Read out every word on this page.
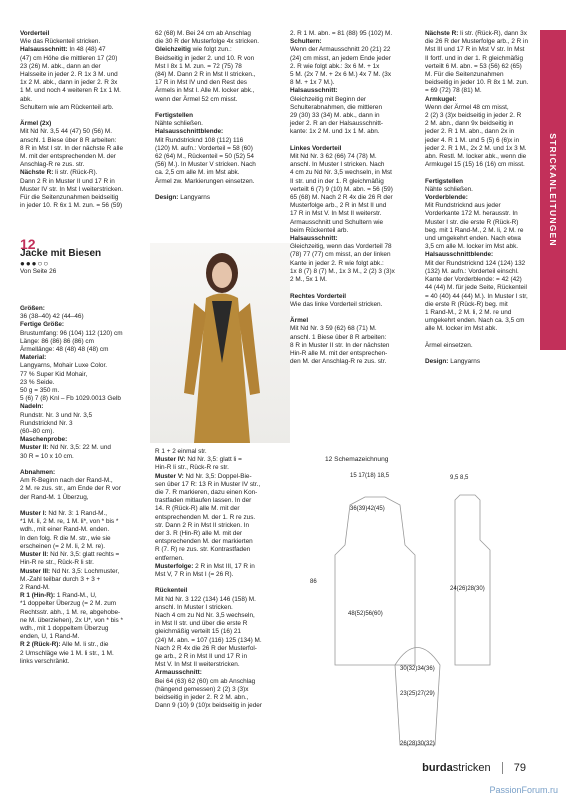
STRICKANLEITUNGEN
Vorderteil
Wie das Rückenteil stricken.
Halsausschnitt: In 48 (48) 47
(47) cm Höhe die mittleren 17 (20)
23 (26) M. abk., dann an der
Halsseite in jeder 2. R 1x 3 M. und
1x 2 M. abk., dann in jeder 2. R 3x
1 M. und noch 4 weiteren R 1x 1 M.
abk.
Schultern wie am Rückenteil arb.

Ärmel (2x)
Mit Nd Nr. 3,5 44 (47) 50 (56) M.
anschl. 1 Biese über 8 R arbeiten:
8 R in Mst I str. In der nächste R alle
M. mit der entsprechenden M. der
Anschlag-R re zus. str.
Nächste R: li str. (Rück-R).
Dann 2 R in Muster II und 17 R in
Muster IV str. In Mst I weiterstricken.
Für die Seitenzunahmen beidseitig
in jeder 10. R 6x 1 M. zun. = 56 (59)
12
Jacke mit Biesen
●●●○○
Von Seite 26
Größen:
36 (38–40) 42 (44–46)
Fertige Größe:
Brustumfang: 96 (104) 112 (120) cm
Länge: 86 (86) 86 (86) cm
Ärmellänge: 48 (48) 48 (48) cm
Material:
Langyarns, Mohair Luxe Color.
77 % Super Kid Mohair,
23 % Seide.
50 g = 350 m.
5 (6) 7 (8) Knl – Fb 1029.0013 Gelb
Nadeln:
Rundstr. Nr. 3 und Nr. 3,5
Rundstricknd Nr. 3
(60–80 cm).
Maschenprobe:
Muster II: Nd Nr. 3,5: 22 M. und
30 R = 10 x 10 cm.

Abnahmen:
Am R-Beginn nach der Rand-M.,
2 M. re zus. str., am Ende der R vor
der Rand-M. 1 Überzug,

Muster I: Nd Nr. 3: 1 Rand-M.,
*1 M. li, 2 M. re, 1 M. li*, von * bis *
wdh., mit einer Rand-M. enden.
In den folg. R die M. str., wie sie
erscheinen (= 2 M. li, 2 M. re).
Muster II: Nd Nr. 3,5: glatt rechts =
Hin-R re str., Rück-R li str.
Muster III: Nd Nr. 3,5: Lochmuster,
M.-Zahl teilbar durch 3 + 3 +
2 Rand-M.
R 1 (Hin-R): 1 Rand-M., U,
*1 doppelter Überzug (= 2 M. zum
Rechtsstr. abh., 1 M. re, abgehobe-
ne M. überziehen), 2x U*, von * bis *
wdh., mit 1 doppeltem Überzug
enden, U, 1 Rand-M.
R 2 (Rück-R): Alle M. li str., die
2 Umschläge wie 1 M. li str., 1 M.
links verschränkt.
62 (68) M. Bei 24 cm ab Anschlag
die 30 R der Musterfolge 4x stricken.
Gleichzeitig wie folgt zun.:
Beidseitig in jeder 2. und 10. R von
Mst I 8x 1 M. zun. = 72 (75) 78
(84) M. Dann 2 R in Mst II stricken.,
17 R in Mst IV und den Rest des
Ärmels in Mst I. Alle M. locker abk.,
wenn der Ärmel 52 cm misst.

Fertigstellen
Nähte schließen.
Halsausschnittblende:
Mit Rundstricknd 108 (112) 116
(120) M. aufn.: Vorderteil = 58 (60)
62 (64) M., Rückenteil = 50 (52) 54
(56) M.). In Muster V stricken. Nach
ca. 2,5 cm alle M. im Mst abk.
Ärmel zw. Markierungen einsetzen.

Design: Langyarns
R 1 + 2 einmal str.
Muster IV: Nd Nr. 3,5: glatt li =
Hin-R li str., Rück-R re str.
Muster V: Nd Nr. 3,5: Doppel-Bie-
sen über 17 R: 13 R in Muster IV str.,
die 7. R markieren, dazu einen Kon-
trastfaden mitlaufen lassen. In der
14. R (Rück-R) alle M. mit der
entsprechenden M. der 1. R re zus.
str. Dann 2 R in Mst II stricken. In
der 3. R (Hin-R) alle M. mit der
entsprechenden M. der markierten
R (7. R) re zus. str. Kontrastfaden
entfernen.
Musterfolge: 2 R in Mst III, 17 R in
Mst V, 7 R in Mst I (= 26 R).

Rückenteil
Mit Nd Nr. 3 122 (134) 146 (158) M.
anschl. In Muster I stricken.
Nach 4 cm zu Nd Nr. 3,5 wechseln,
in Mst II str. und über die erste R
gleichmäßig verteilt 15 (16) 21
(24) M. abn. = 107 (116) 125 (134) M.
Nach 2 R 4x die 26 R der Musterfol-
ge arb., 2 R in Mst II und 17 R in
Mst V. In Mst II weiterstricken.
Armausschnitt:
Bei 64 (63) 62 (60) cm ab Anschlag
(hängend gemessen) 2 (2) 3 (3)x
beidseitig in jeder 2. R 2 M. abn.,
Dann 9 (10) 9 (10)x beidseitig in jeder
2. R 1 M. abn. = 81 (88) 95 (102) M.
Schultern:
Wenn der Armausschnitt 20 (21) 22
(24) cm misst, an jedem Ende jeder
2. R wie folgt abk.: 3x 6 M. + 1x
5 M. (2x 7 M. + 2x 6 M.) 4x 7 M. (3x
8 M. + 1x 7 M.).
Halsausschnitt:
Gleichzeitig mit Beginn der
Schulterabnahmen, die mittleren
29 (30) 33 (34) M. abk., dann in
jeder 2. R an der Halsausschnitt-
kante: 1x 2 M. und 1x 1 M. abn.

Linkes Vorderteil
Mit Nd Nr. 3 62 (66) 74 (78) M.
anschl. In Muster I stricken. Nach
4 cm zu Nd Nr. 3,5 wechseln, in Mst
II str. und in der 1. R gleichmäßig
verteilt 6 (7) 9 (10) M. abn. = 56 (59)
65 (68) M. Nach 2 R 4x die 26 R der
Musterfolge arb., 2 R in Mst II und
17 R in Mst V. In Mst II weiterstr.
Armausschnitt und Schultern wie
beim Rückenteil arb.
Halsausschnitt:
Gleichzeitig, wenn das Vorderteil 78
(78) 77 (77) cm misst, an der linken
Kante in jeder 2. R wie folgt abk.:
1x 8 (7) 8 (7) M., 1x 3 M., 2 (2) 3 (3)x
2 M., 5x 1 M.

Rechtes Vorderteil
Wie das linke Vorderteil stricken.

Ärmel
Mit Nd Nr. 3 59 (62) 68 (71) M.
anschl. 1 Biese über 8 R arbeiten:
8 R in Muster II str. In der nächsten
Hin-R alle M. mit der entsprechen-
den M. der Anschlag-R re zus. str.
Nächste R: li str. (Rück-R), dann 3x
die 26 R der Musterfolge arb., 2 R in
Mst III und 17 R in Mst V str. In Mst
II fortf. und in der 1. R gleichmäßig
verteilt 6 M. abn. = 53 (56) 62 (65)
M. Für die Seitenzunahmen
beidseitig in jeder 10. R 8x 1 M. zun.
= 69 (72) 78 (81) M.
Armkugel:
Wenn der Ärmel 48 cm misst,
2 (2) 3 (3)x beidseitig in jeder 2. R
2 M. abn., dann 9x beidseitig in
jeder 2. R 1 M. abn., dann 2x in
jeder 4. R 1 M. und 5 (5) 6 (6)x in
jeder 2. R 1 M., 2x 2 M. und 1x 3 M.
abn. Restl. M. locker abk., wenn die
Armkugel 15 (15) 16 (16) cm misst.

Fertigstellen
Nähte schließen.
Vorderblende:
Mit Rundstricknd aus jeder
Vorderkante 172 M. herausstr. In
Muster I str. die erste R (Rück-R)
beg. mit 1 Rand-M., 2 M. li, 2 M. re
und umgekehrt enden. Nach etwa
3,5 cm alle M. locker im Mst abk.
Halsausschnittblende:
Mit der Rundstricknd 124 (124) 132
(132) M. aufn.: Vorderteil einschl.
Kante der Vorderblende: = 42 (42)
44 (44) M. für jede Seite, Rückenteil
= 40 (40) 44 (44) M.). In Muster I str,
die erste R (Rück-R) beg. mit
1 Rand-M., 2 M. li, 2 M. re und
umgekehrt enden. Nach ca. 3,5 cm
alle M. locker im Mst abk.

Ärmel einsetzen.

Design: Langyarns
12 Schemazeichnung
15 17(18) 18,5
36(39)42(45)
48(52)56(60)
86
9,5 8,5
24(26)28(30)
30(32)34(36)
23(25)27(29)
26(28)30(32)
burdastricken 79
PassionForum.ru
